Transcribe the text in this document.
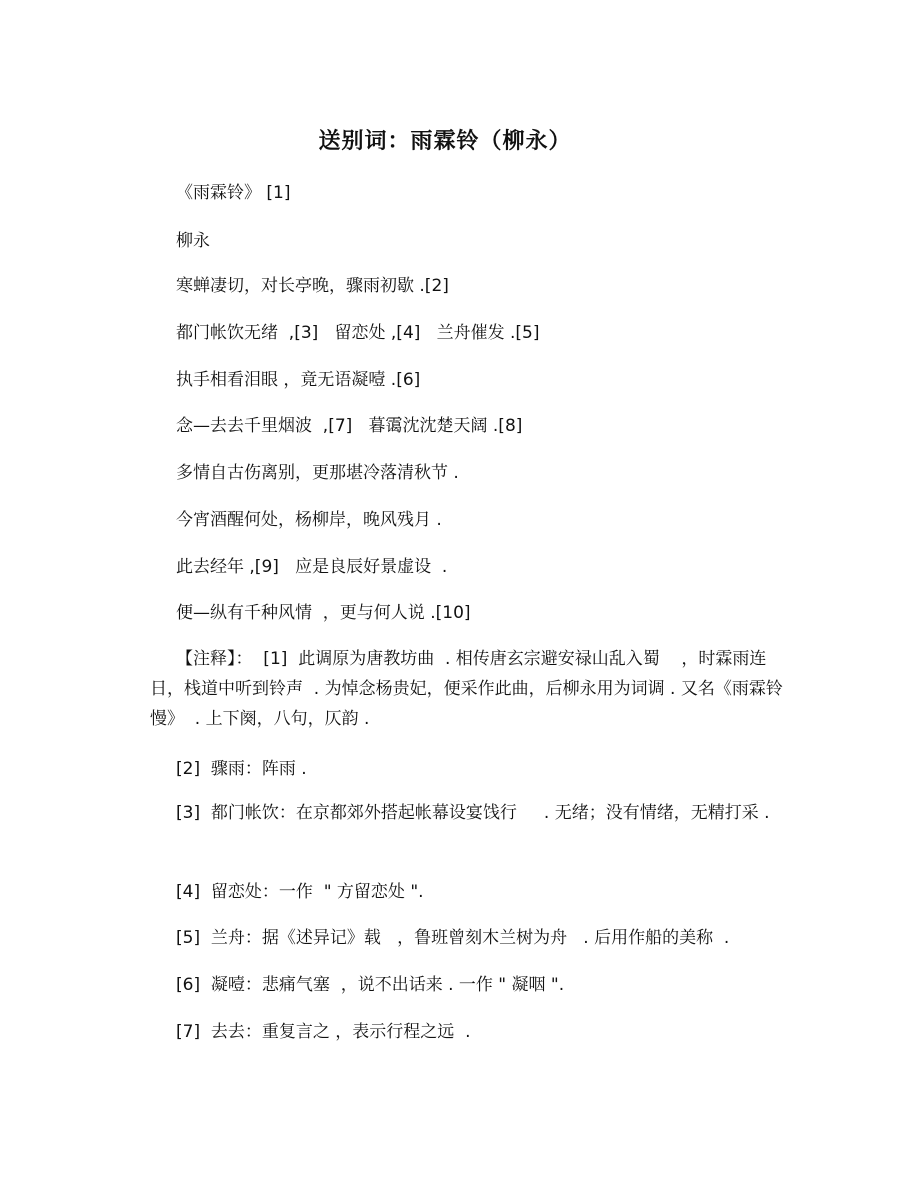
送别词：雨霖铃（柳永）
《雨霖铃》 [1]
柳永
寒蝉凄切，对长亭晚，骤雨初歇 .[2]
都门帐饮无绪  ,[3]   留恋处 ,[4]   兰舟催发 .[5]
执手相看泪眼 ，竟无语凝噎 .[6]
念—去去千里烟波  ,[7]   暮霭沈沈楚天阔 .[8]
多情自古伤离别，更那堪冷落清秋节 .
今宵酒醒何处，杨柳岸，晚风残月 .
此去经年 ,[9]   应是良辰好景虚设  .
便—纵有千种风情  ，更与何人说 .[10]
【注释】：  [1]  此调原为唐教坊曲  . 相传唐玄宗避安禄山乱入蜀    ，时霖雨连日，栈道中听到铃声  . 为悼念杨贵妃，便采作此曲，后柳永用为词调 . 又名《雨霖铃慢》  . 上下阕，八句，仄韵 .
[2]  骤雨：阵雨 .
[3]  都门帐饮：在京都郊外搭起帐幕设宴饯行     . 无绪；没有情绪，无精打采 .
[4]  留恋处：一作  " 方留恋处 ".
[5]  兰舟：据《述异记》载   ，鲁班曾刻木兰树为舟   . 后用作船的美称  .
[6]  凝噎：悲痛气塞  ，说不出话来 . 一作 " 凝咽 ".
[7]  去去：重复言之 ，表示行程之远  .
